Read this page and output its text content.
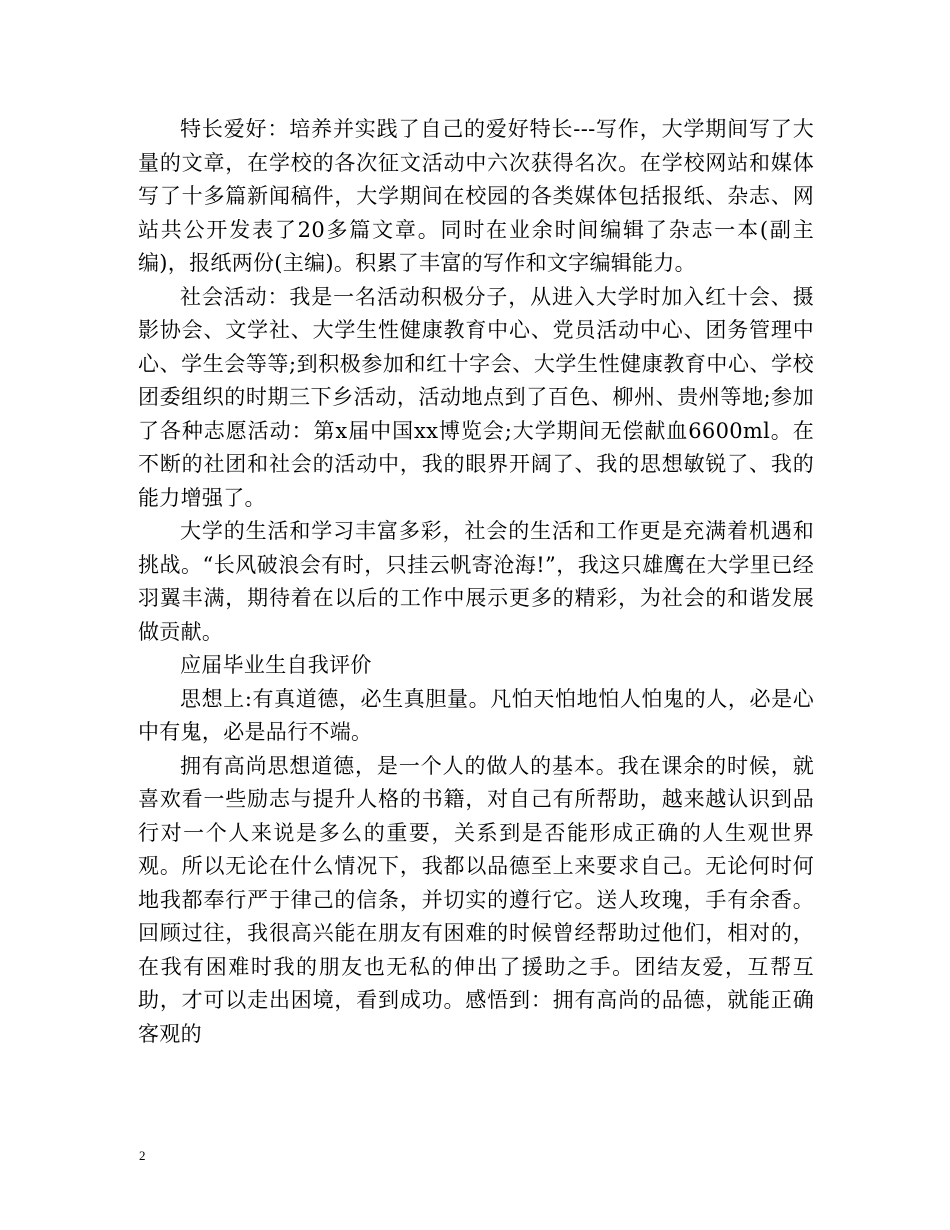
特长爱好：培养并实践了自己的爱好特长---写作，大学期间写了大量的文章，在学校的各次征文活动中六次获得名次。在学校网站和媒体写了十多篇新闻稿件，大学期间在校园的各类媒体包括报纸、杂志、网站共公开发表了20多篇文章。同时在业余时间编辑了杂志一本(副主编)，报纸两份(主编)。积累了丰富的写作和文字编辑能力。

社会活动：我是一名活动积极分子，从进入大学时加入红十会、摄影协会、文学社、大学生性健康教育中心、党员活动中心、团务管理中心、学生会等等;到积极参加和红十字会、大学生性健康教育中心、学校团委组织的时期三下乡活动，活动地点到了百色、柳州、贵州等地;参加了各种志愿活动：第x届中国xx博览会;大学期间无偿献血6600ml。在不断的社团和社会的活动中，我的眼界开阔了、我的思想敏锐了、我的能力增强了。

大学的生活和学习丰富多彩，社会的生活和工作更是充满着机遇和挑战。“长风破浪会有时，只挂云帆寄沧海!”，我这只雄鹰在大学里已经羽翼丰满，期待着在以后的工作中展示更多的精彩，为社会的和谐发展做贡献。

应届毕业生自我评价

思想上:有真道德，必生真胆量。凡怕天怕地怕人怕鬼的人，必是心中有鬼，必是品行不端。

拥有高尚思想道德，是一个人的做人的基本。我在课余的时候，就喜欢看一些励志与提升人格的书籍，对自己有所帮助，越来越认识到品行对一个人来说是多么的重要，关系到是否能形成正确的人生观世界观。所以无论在什么情况下，我都以品德至上来要求自己。无论何时何地我都奉行严于律己的信条，并切实的遵行它。送人玫瑰，手有余香。回顾过往，我很高兴能在朋友有困难的时候曾经帮助过他们，相对的，在我有困难时我的朋友也无私的伸出了援助之手。团结友爱，互帮互助，才可以走出困境，看到成功。感悟到：拥有高尚的品德，就能正确客观的

2
